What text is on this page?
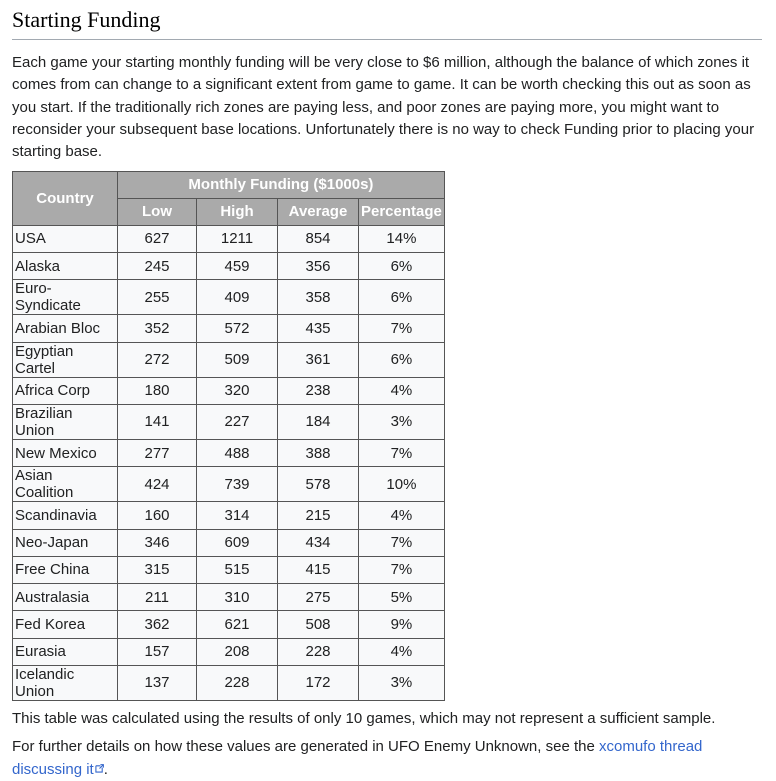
Starting Funding

Each game your starting monthly funding will be very close to $6 million, although the balance of which zones it comes from can change to a significant extent from game to game. It can be worth checking this out as soon as you start. If the traditionally rich zones are paying less, and poor zones are paying more, you might want to reconsider your subsequent base locations. Unfortunately there is no way to check Funding prior to placing your starting base.

Country	Monthly Funding ($1000s)			
	Low	High	Average	Percentage
USA	627	1211	854	14%
Alaska	245	459	356	6%
Euro-Syndicate	255	409	358	6%
Arabian Bloc	352	572	435	7%
Egyptian Cartel	272	509	361	6%
Africa Corp	180	320	238	4%
Brazilian Union	141	227	184	3%
New Mexico	277	488	388	7%
Asian Coalition	424	739	578	10%
Scandinavia	160	314	215	4%
Neo-Japan	346	609	434	7%
Free China	315	515	415	7%
Australasia	211	310	275	5%
Fed Korea	362	621	508	9%
Eurasia	157	208	228	4%
Icelandic Union	137	228	172	3%

This table was calculated using the results of only 10 games, which may not represent a sufficient sample.

For further details on how these values are generated in UFO Enemy Unknown, see the xcomufo thread discussing it .
